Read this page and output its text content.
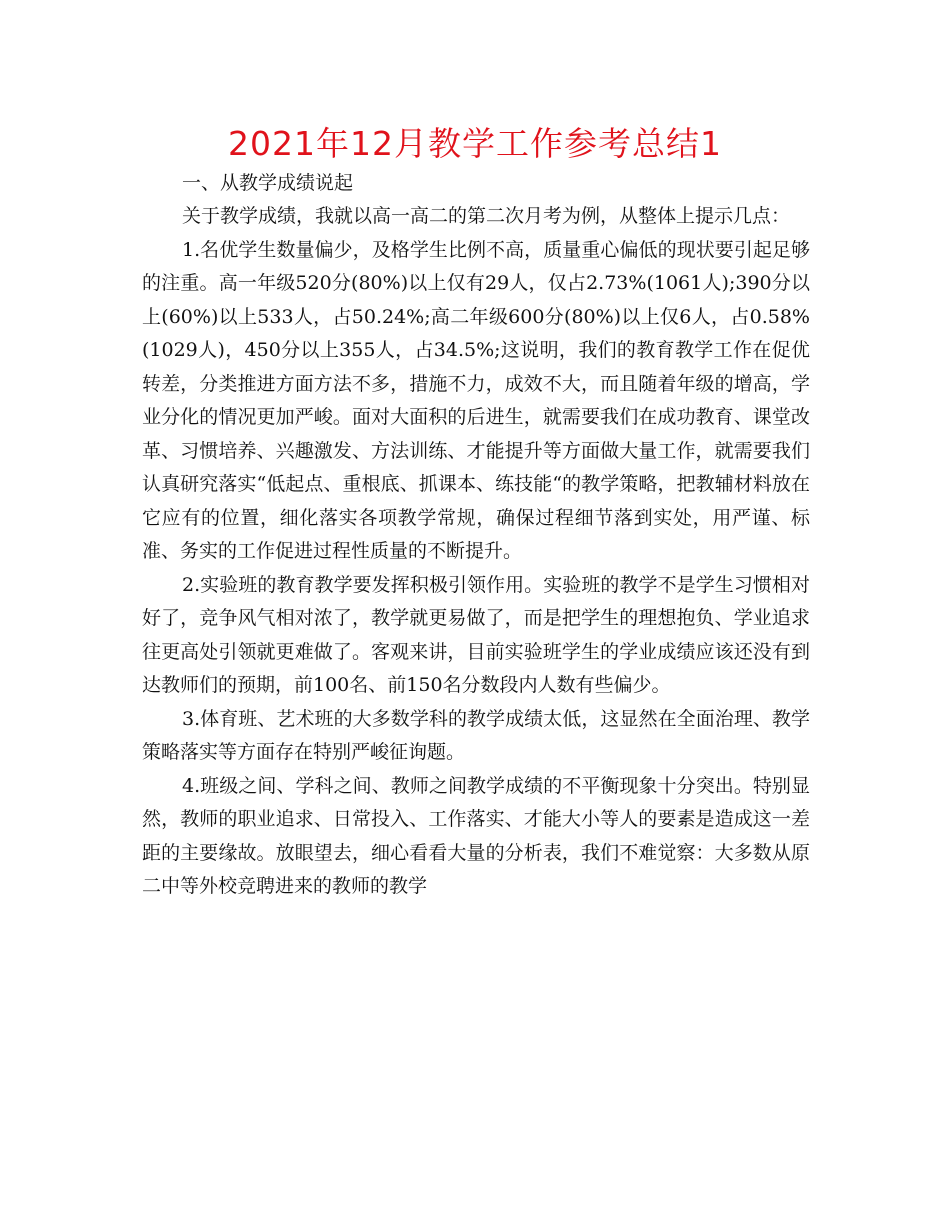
2021年12月教学工作参考总结1

一、从教学成绩说起

关于教学成绩，我就以高一高二的第二次月考为例，从整体上提示几点：

1.名优学生数量偏少，及格学生比例不高，质量重心偏低的现状要引起足够的注重。高一年级520分(80%)以上仅有29人，仅占2.73%(1061人);390分以上(60%)以上533人，占50.24%;高二年级600分(80%)以上仅6人，占0.58%(1029人)，450分以上355人，占34.5%;这说明，我们的教育教学工作在促优转差，分类推进方面方法不多，措施不力，成效不大，而且随着年级的增高，学业分化的情况更加严峻。面对大面积的后进生，就需要我们在成功教育、课堂改革、习惯培养、兴趣激发、方法训练、才能提升等方面做大量工作，就需要我们认真研究落实“低起点、重根底、抓课本、练技能“的教学策略，把教辅材料放在它应有的位置，细化落实各项教学常规，确保过程细节落到实处，用严谨、标准、务实的工作促进过程性质量的不断提升。

2.实验班的教育教学要发挥积极引领作用。实验班的教学不是学生习惯相对好了，竞争风气相对浓了，教学就更易做了，而是把学生的理想抱负、学业追求往更高处引领就更难做了。客观来讲，目前实验班学生的学业成绩应该还没有到达教师们的预期，前100名、前150名分数段内人数有些偏少。

3.体育班、艺术班的大多数学科的教学成绩太低，这显然在全面治理、教学策略落实等方面存在特别严峻征询题。

4.班级之间、学科之间、教师之间教学成绩的不平衡现象十分突出。特别显然，教师的职业追求、日常投入、工作落实、才能大小等人的要素是造成这一差距的主要缘故。放眼望去，细心看看大量的分析表，我们不难觉察：大多数从原二中等外校竞聘进来的教师的教学
